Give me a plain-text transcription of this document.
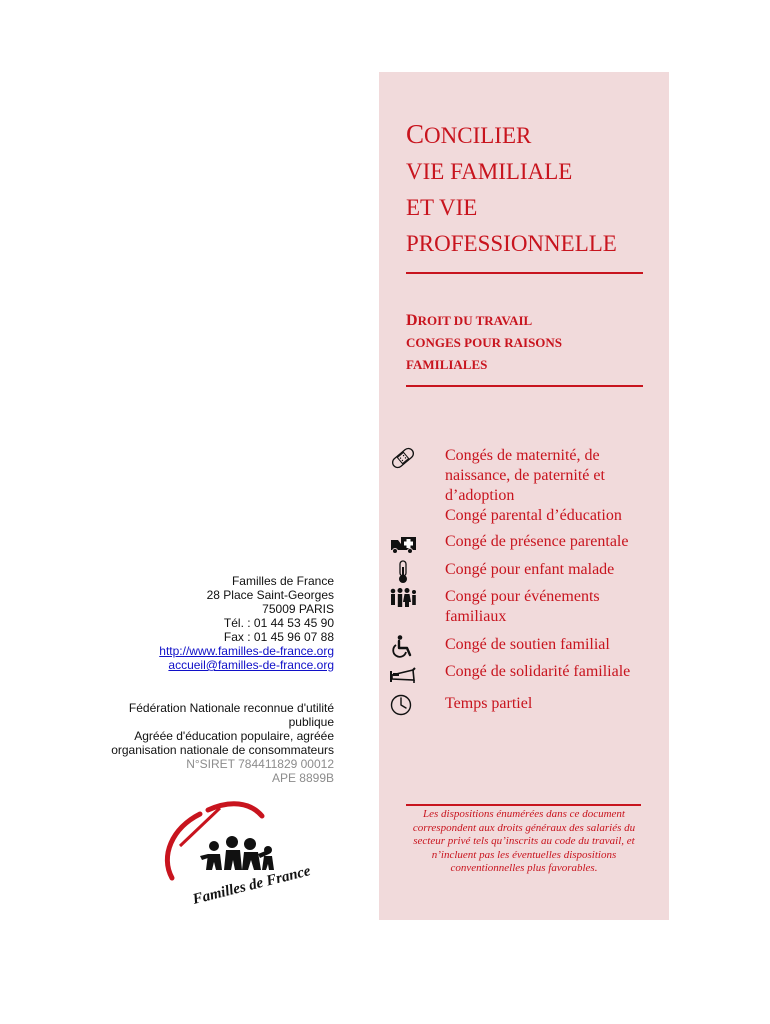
Familles de France
28 Place Saint-Georges
75009 PARIS
Tél. : 01 44 53 45 90
Fax : 01 45 96 07 88
http://www.familles-de-france.org
accueil@familles-de-france.org
Fédération Nationale reconnue d'utilité
publique
Agréée d'éducation populaire, agréée
organisation nationale de consommateurs
N°SIRET 784411829 00012
APE 8899B
Familles de France
CONCILIER
VIE FAMILIALE
ET VIE
PROFESSIONNELLE
DROIT DU TRAVAIL
CONGES POUR RAISONS
FAMILIALES
Congés de maternité, de
naissance, de paternité et
d’adoption
Congé parental d’éducation
Congé de présence parentale
Congé pour enfant malade
Congé pour événements
familiaux
Congé de soutien familial
Congé de solidarité familiale
Temps partiel
Les dispositions énumérées dans ce document correspondent aux droits généraux des salariés du secteur privé tels qu’inscrits au code du travail, et n’incluent pas les éventuelles dispositions conventionnelles plus favorables.
